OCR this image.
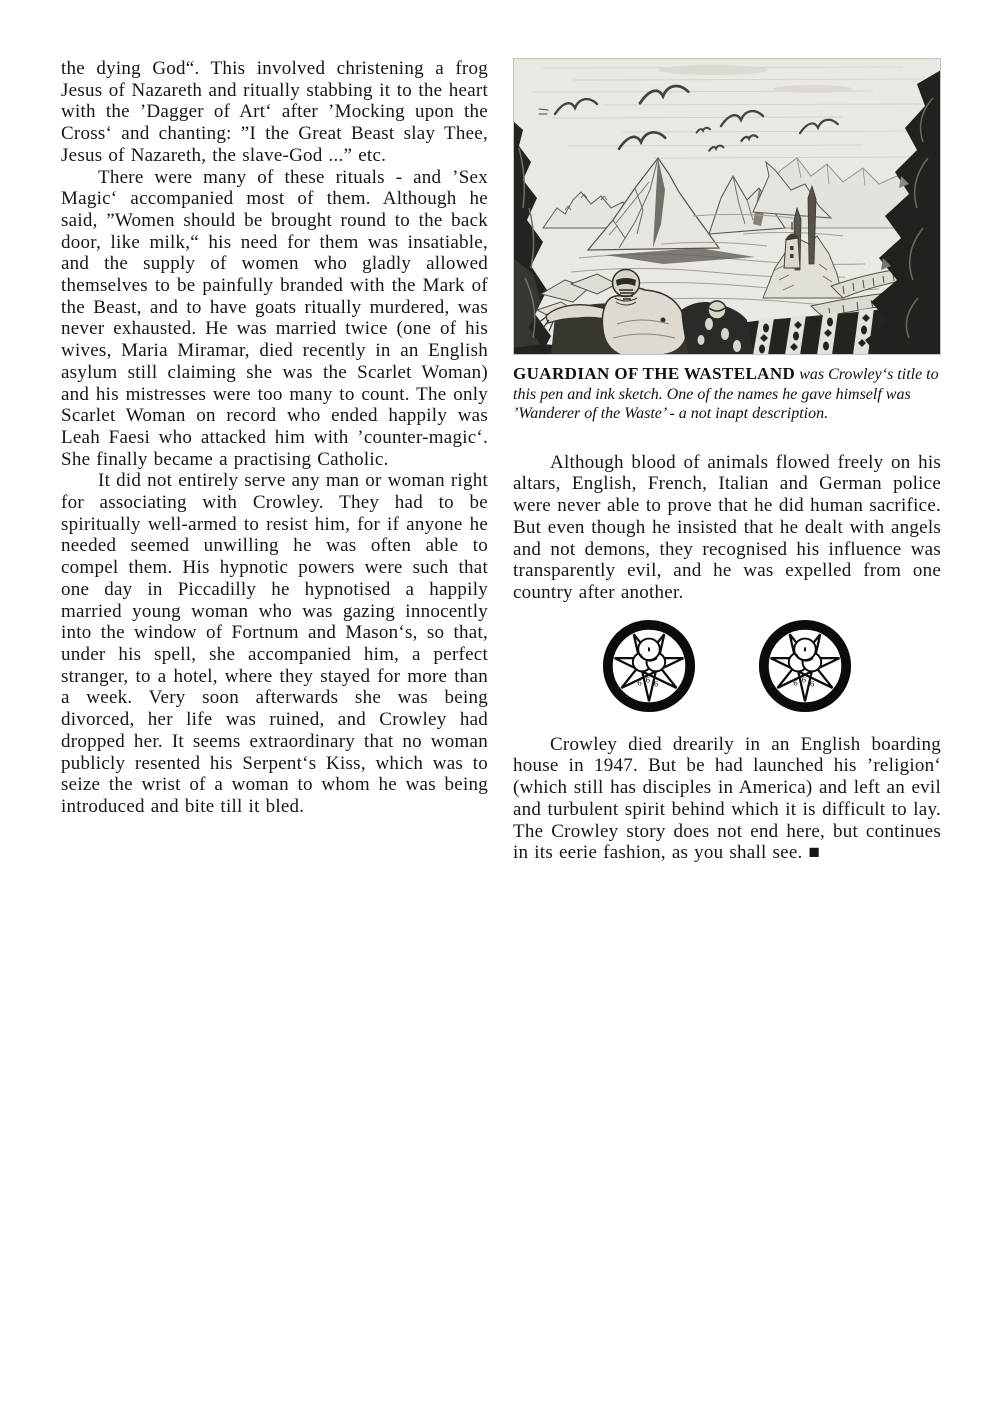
the dying God“. This involved christening a frog Jesus of Nazareth and ritually stabbing it to the heart with the ’Dagger of Art‘ after ’Mocking upon the Cross‘ and chanting: ”I the Great Beast slay Thee, Jesus of Nazareth, the slave-God ...” etc.

There were many of these rituals - and ’Sex Magic‘ accompanied most of them. Although he said, ”Women should be brought round to the back door, like milk,“ his need for them was insatiable, and the supply of women who gladly allowed themselves to be painfully branded with the Mark of the Beast, and to have goats ritually murdered, was never exhausted. He was married twice (one of his wives, Maria Miramar, died recently in an English asylum still claiming she was the Scarlet Woman) and his mistresses were too many to count. The only Scarlet Woman on record who ended happily was Leah Faesi who attacked him with ’counter-magic‘. She finally became a practising Catholic.

It did not entirely serve any man or woman right for associating with Crowley. They had to be spiritually well-armed to resist him, for if anyone he needed seemed unwilling he was often able to compel them. His hypnotic powers were such that one day in Piccadilly he hypnotised a happily married young woman who was gazing innocently into the window of Fortnum and Mason‘s, so that, under his spell, she accompanied him, a perfect stranger, to a hotel, where they stayed for more than a week. Very soon afterwards she was being divorced, her life was ruined, and Crowley had dropped her. It seems extraordinary that no woman publicly resented his Serpent‘s Kiss, which was to seize the wrist of a woman to whom he was being introduced and bite till it bled.

GUARDIAN OF THE WASTELAND was Crowley‘s title to this pen and ink sketch. One of the names he gave himself was ’Wanderer of the Waste’ - a not inapt description.

Although blood of animals flowed freely on his altars, English, French, Italian and German police were never able to prove that he did human sacrifice. But even though he insisted that he dealt with angels and not demons, they recognised his influence was transparently evil, and he was expelled from one country after another.

6 6 6	6 6 6

Crowley died drearily in an English boarding house in 1947. But be had launched his ’religion‘ (which still has disciples in America) and left an evil and turbulent spirit behind which it is difficult to lay. The Crowley story does not end here, but continues in its eerie fashion, as you shall see. ■
